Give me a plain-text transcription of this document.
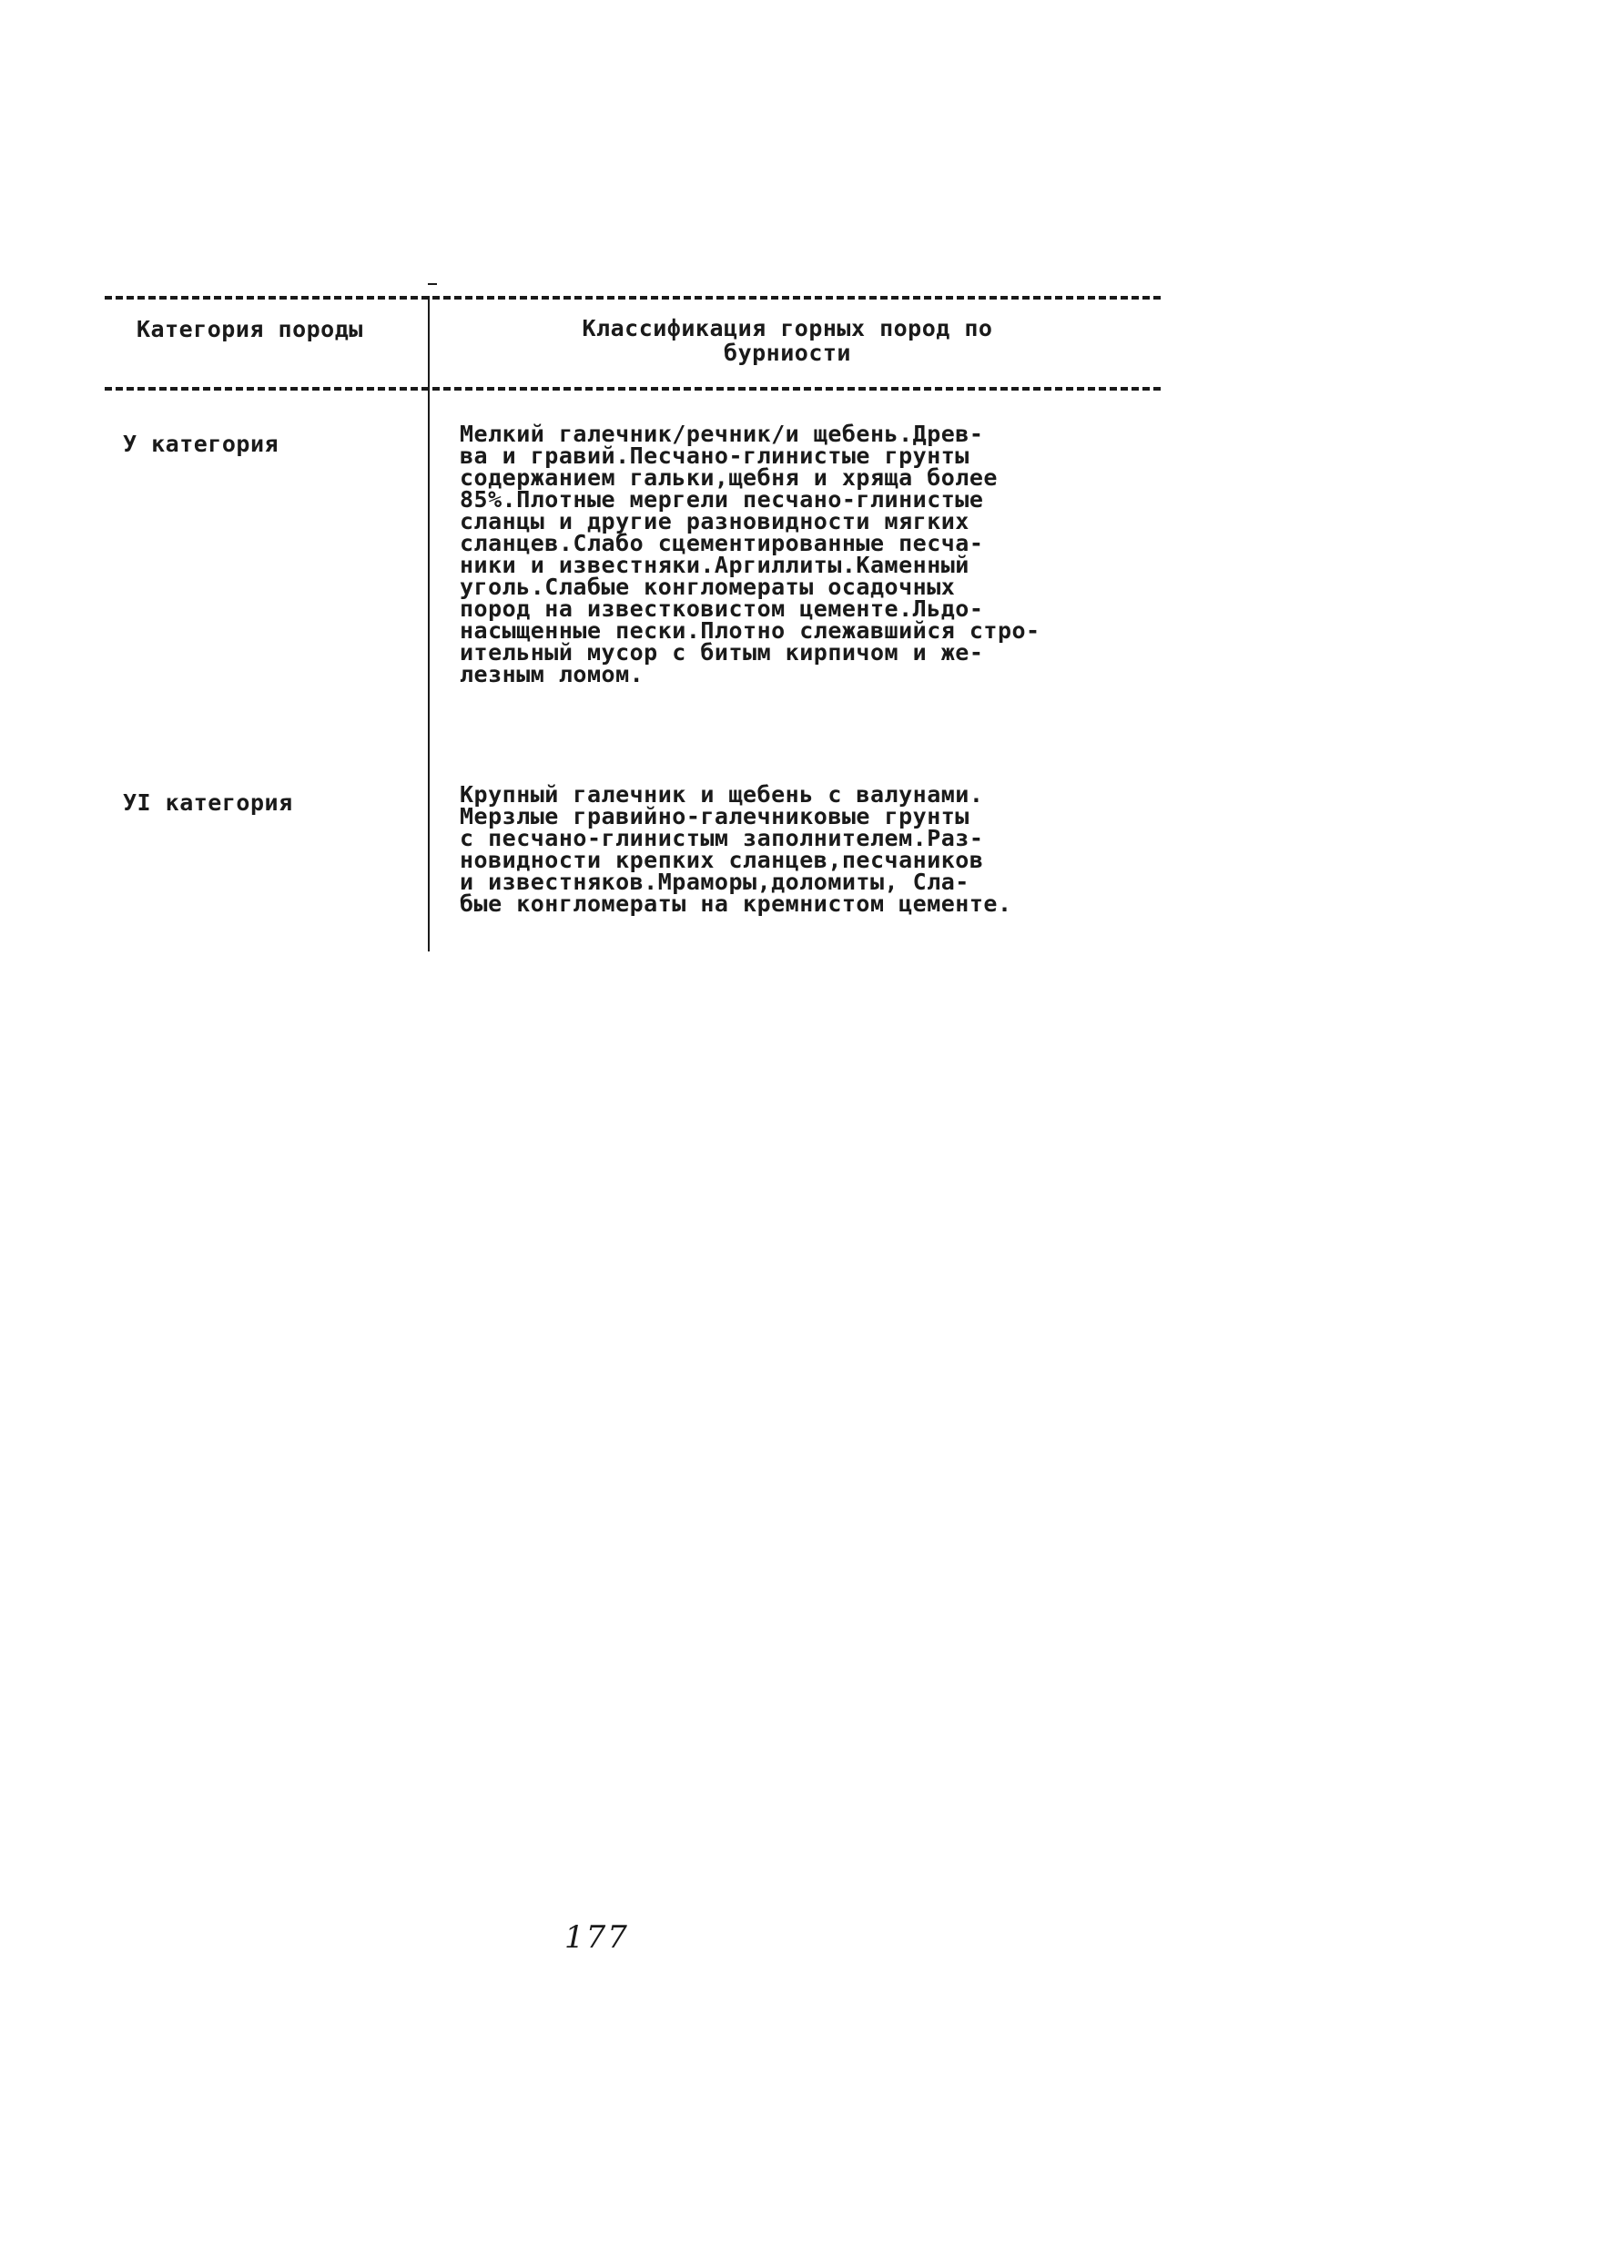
Категория породы	Классификация горных пород по
бурниости
У категория	Мелкий галечник/речник/и щебень.Древ-
ва и гравий.Песчано-глинистые грунты
содержанием гальки,щебня и хряща более
85%.Плотные мергели песчано-глинистые
сланцы и другие разновидности мягких
сланцев.Слабо сцементированные песча-
ники и известняки.Аргиллиты.Каменный
уголь.Слабые конгломераты осадочных
пород на известковистом цементе.Льдо-
насыщенные пески.Плотно слежавшийся стро-
ительный мусор с битым кирпичом и же-
лезным ломом.
УI категория	Крупный галечник и щебень с валунами.
Мерзлые гравийно-галечниковые грунты
с песчано-глинистым заполнителем.Раз-
новидности крепких сланцев,песчаников
и известняков.Мраморы,доломиты, Сла-
бые конгломераты на кремнистом цементе.
177
